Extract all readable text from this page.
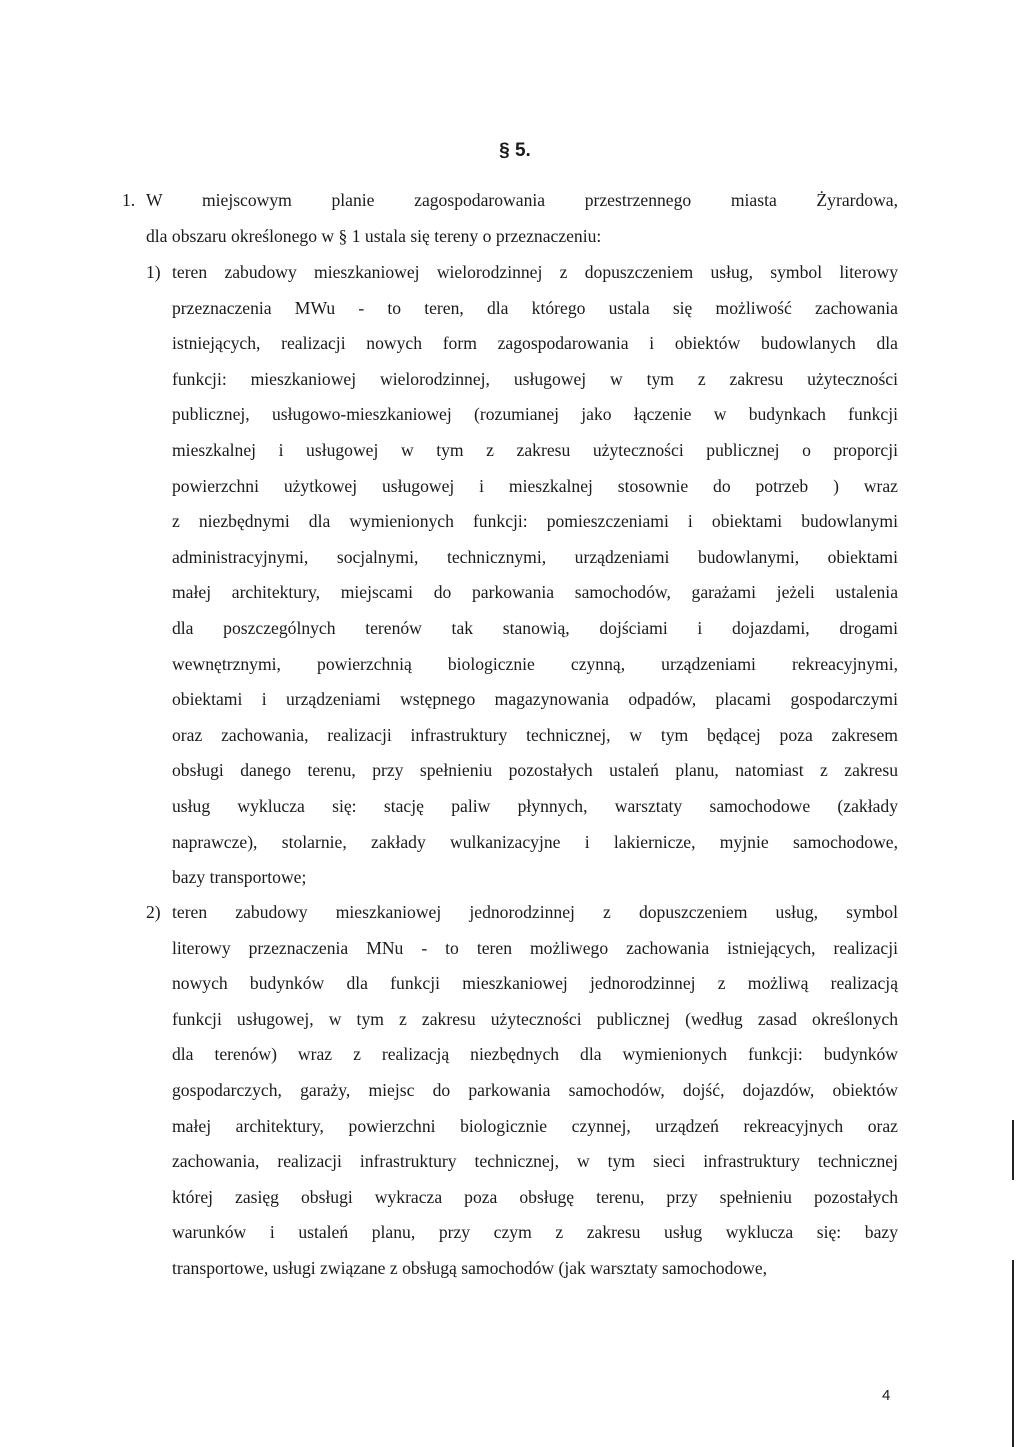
§ 5.
1. W miejscowym planie zagospodarowania przestrzennego miasta Żyrardowa,
dla obszaru określonego w § 1 ustala się tereny o przeznaczeniu:
1) teren zabudowy mieszkaniowej wielorodzinnej z dopuszczeniem usług, symbol literowy
przeznaczenia MWu - to teren, dla którego ustala się możliwość zachowania
istniejących, realizacji nowych form zagospodarowania i obiektów budowlanych dla
funkcji: mieszkaniowej wielorodzinnej, usługowej w tym z zakresu użyteczności
publicznej, usługowo-mieszkaniowej (rozumianej jako łączenie w budynkach funkcji
mieszkalnej i usługowej w tym z zakresu użyteczności publicznej o proporcji
powierzchni użytkowej usługowej i mieszkalnej stosownie do potrzeb ) wraz
z niezbędnymi dla wymienionych funkcji: pomieszczeniami i obiektami budowlanymi
administracyjnymi, socjalnymi, technicznymi, urządzeniami budowlanymi, obiektami
małej architektury, miejscami do parkowania samochodów, garażami jeżeli ustalenia
dla poszczególnych terenów tak stanowią, dojściami i dojazdami, drogami
wewnętrznymi, powierzchnią biologicznie czynną, urządzeniami rekreacyjnymi,
obiektami i urządzeniami wstępnego magazynowania odpadów, placami gospodarczymi
oraz zachowania, realizacji infrastruktury technicznej, w tym będącej poza zakresem
obsługi danego terenu, przy spełnieniu pozostałych ustaleń planu, natomiast z zakresu
usług wyklucza się: stację paliw płynnych, warsztaty samochodowe (zakłady
naprawcze), stolarnie, zakłady wulkanizacyjne i lakiernicze, myjnie samochodowe,
bazy transportowe;
2) teren zabudowy mieszkaniowej jednorodzinnej z dopuszczeniem usług, symbol
literowy przeznaczenia MNu - to teren możliwego zachowania istniejących, realizacji
nowych budynków dla funkcji mieszkaniowej jednorodzinnej z możliwą realizacją
funkcji usługowej, w tym z zakresu użyteczności publicznej (według zasad określonych
dla terenów) wraz z realizacją niezbędnych dla wymienionych funkcji: budynków
gospodarczych, garaży, miejsc do parkowania samochodów, dojść, dojazdów, obiektów
małej architektury, powierzchni biologicznie czynnej, urządzeń rekreacyjnych oraz
zachowania, realizacji infrastruktury technicznej, w tym sieci infrastruktury technicznej
której zasięg obsługi wykracza poza obsługę terenu, przy spełnieniu pozostałych
warunków i ustaleń planu, przy czym z zakresu usług wyklucza się: bazy
transportowe, usługi związane z obsługą samochodów (jak warsztaty samochodowe,
4
